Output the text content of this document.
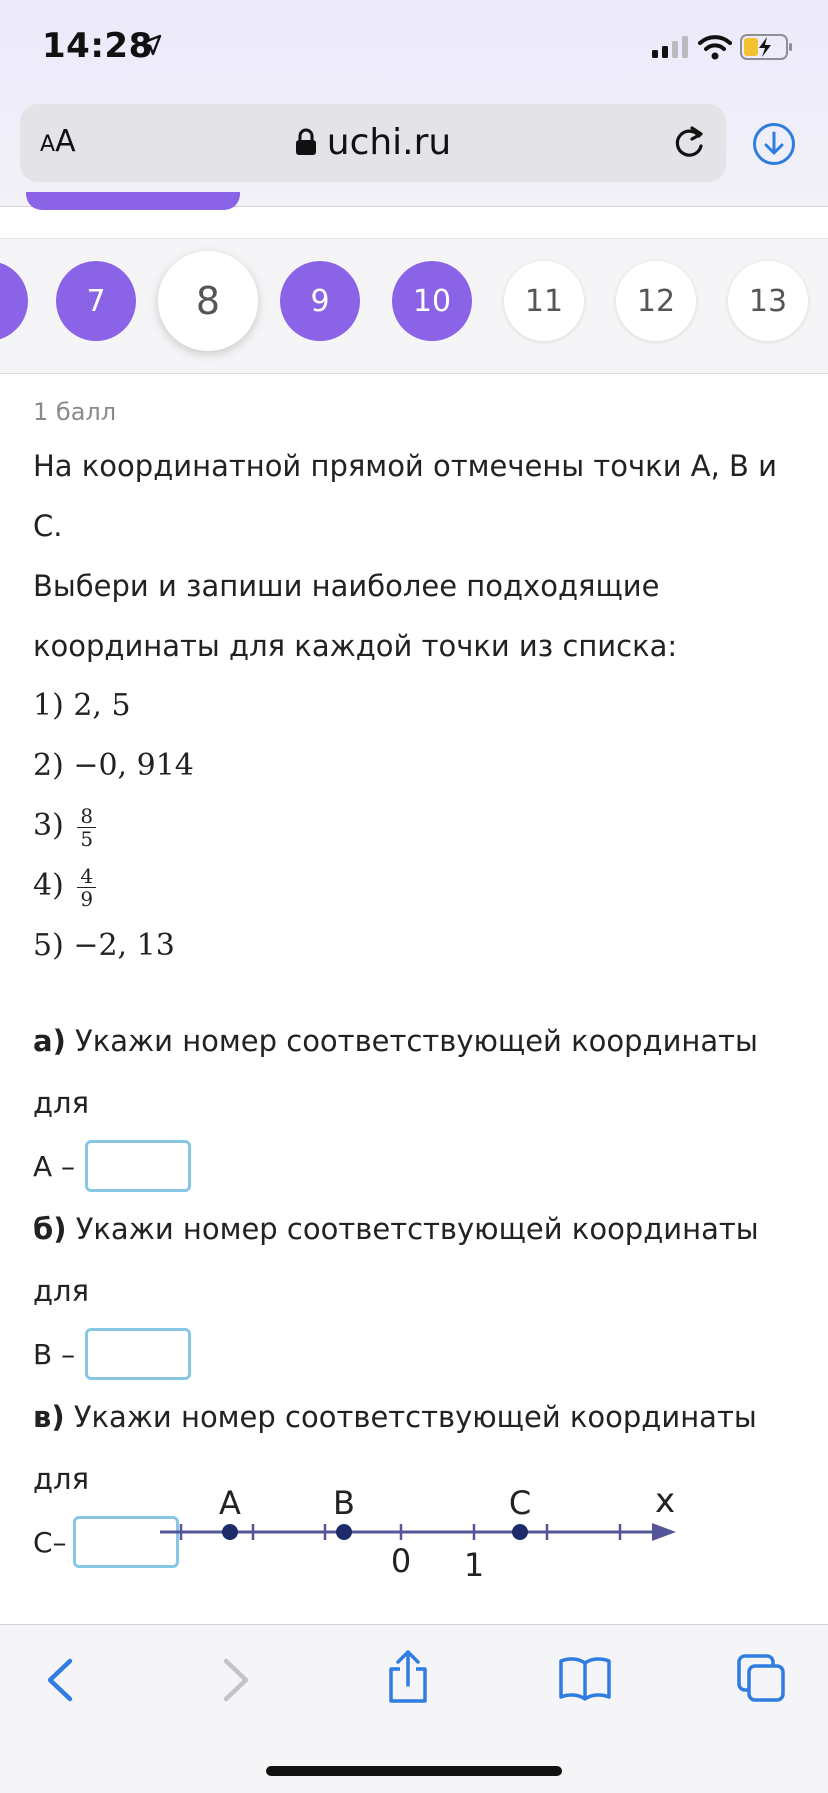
14:28
AA	uchi.ru
7	8	9	10	11	12	13
1 балл
На координатной прямой отмечены точки A, B и C.
Выбери и запиши наиболее подходящие
координаты для каждой точки из списка:
1) 2, 5
2) −0, 914
$3) \frac{8}{5}$
$4) \frac{4}{9}$
5) −2, 13
а) Укажи номер соответствующей координаты для
A –
б) Укажи номер соответствующей координаты для
B –
в) Укажи номер соответствующей координаты для
C–
A	B	C	x
0 1
